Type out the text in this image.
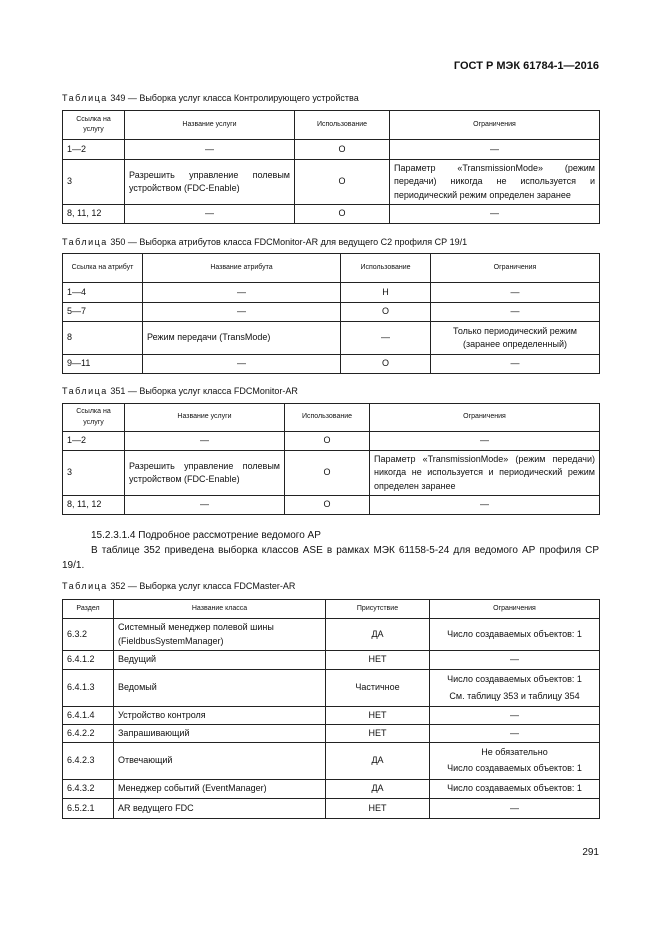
ГОСТ Р МЭК 61784-1—2016
Таблица 349 — Выборка услуг класса Контролирующего устройства
Ссылка на услугу	Название услуги	Использование	Ограничения
1—2	—	O	—
3	Разрешить управление полевым устройством (FDC-Enable)	O	Параметр «TransmissionMode» (режим передачи) никогда не используется и периодический режим определен заранее
8, 11, 12	—	O	—
Таблица 350 — Выборка атрибутов класса FDCMonitor-AR для ведущего С2 профиля СР 19/1
Ссылка на атрибут	Название атрибута	Использование	Ограничения
1—4	—	Н	—
5—7	—	O	—
8	Режим передачи (TransMode)	—	Только периодический режим (заранее определенный)
9—11	—	O	—
Таблица 351 — Выборка услуг класса FDCMonitor-AR
Ссылка на услугу	Название услуги	Использование	Ограничения
1—2	—	O	—
3	Разрешить управление полевым устройством (FDC-Enable)	O	Параметр «TransmissionMode» (режим передачи) никогда не используется и периодический режим определен заранее
8, 11, 12	—	O	—
15.2.3.1.4 Подробное рассмотрение ведомого АР
В таблице 352 приведена выборка классов ASE в рамках МЭК 61158-5-24 для ведомого АР профиля СР 19/1.
Таблица 352 — Выборка услуг класса FDCMaster-AR
Раздел	Название класса	Присутствие	Ограничения
6.3.2	Системный менеджер полевой шины (FieldbusSystemManager)	ДА	Число создаваемых объектов: 1
6.4.1.2	Ведущий	НЕТ	—
6.4.1.3	Ведомый	Частичное	Число создаваемых объектов: 1
См. таблицу 353 и таблицу 354

6.4.1.4	Устройство контроля	НЕТ	—
6.4.2.2	Запрашивающий	НЕТ	—
6.4.2.3	Отвечающий	ДА	Не обязательно
Число создаваемых объектов: 1

6.4.3.2	Менеджер событий (EventManager)	ДА	Число создаваемых объектов: 1
6.5.2.1	AR ведущего FDC	НЕТ	—
291
